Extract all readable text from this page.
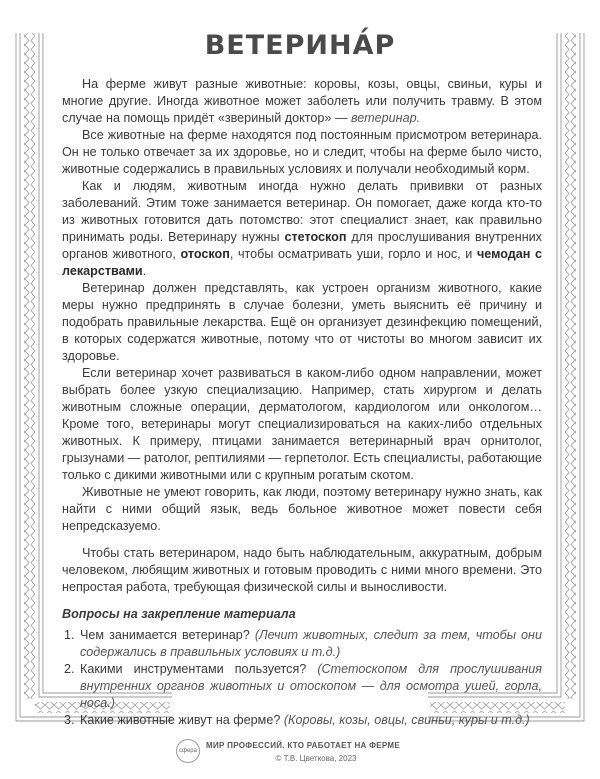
ВЕТЕРИНА́Р

На ферме живут разные животные: коровы, козы, овцы, свиньи, куры и многие другие. Иногда животное может заболеть или получить травму. В этом случае на помощь придёт «звериный доктор» — ветеринар.

Все животные на ферме находятся под постоянным присмотром ветеринара. Он не только отвечает за их здоровье, но и следит, чтобы на ферме было чисто, животные содержались в правильных условиях и получали необходимый корм.

Как и людям, животным иногда нужно делать прививки от разных заболеваний. Этим тоже занимается ветеринар. Он помогает, даже когда кто-то из животных готовится дать потомство: этот специалист знает, как правильно принимать роды. Ветеринару нужны стетоскоп для прослушивания внутренних органов животного, отоскоп, чтобы осматривать уши, горло и нос, и чемодан с лекарствами.

Ветеринар должен представлять, как устроен организм животного, какие меры нужно предпринять в случае болезни, уметь выяснить её причину и подобрать правильные лекарства. Ещё он организует дезинфекцию помещений, в которых содержатся животные, потому что от чистоты во многом зависит их здоровье.

Если ветеринар хочет развиваться в каком-либо одном направлении, может выбрать более узкую специализацию. Например, стать хирургом и делать животным сложные операции, дерматологом, кардиологом или онкологом… Кроме того, ветеринары могут специализироваться на каких-либо отдельных животных. К примеру, птицами занимается ветеринарный врач орнитолог, грызунами — ратолог, рептилиями — герпетолог. Есть специалисты, работающие только с дикими животными или с крупным рогатым скотом.

Животные не умеют говорить, как люди, поэтому ветеринару нужно знать, как найти с ними общий язык, ведь больное животное может повести себя непредсказуемо.

Чтобы стать ветеринаром, надо быть наблюдательным, аккуратным, добрым человеком, любящим животных и готовым проводить с ними много времени. Это непростая работа, требующая физической силы и выносливости.

Вопросы на закрепление материала
1. Чем занимается ветеринар? (Лечит животных, следит за тем, чтобы они содержались в правильных условиях и т.д.)
2. Какими инструментами пользуется? (Стетоскопом для прослушивания внутренних органов животных и отоскопом — для осмотра ушей, горла, носа.)
3. Какие животные живут на ферме? (Коровы, козы, овцы, свиньи, куры и т.д.)
сфера
МИР ПРОФЕССИЙ. КТО РАБОТАЕТ НА ФЕРМЕ
© Т.В. Цветкова, 2023
